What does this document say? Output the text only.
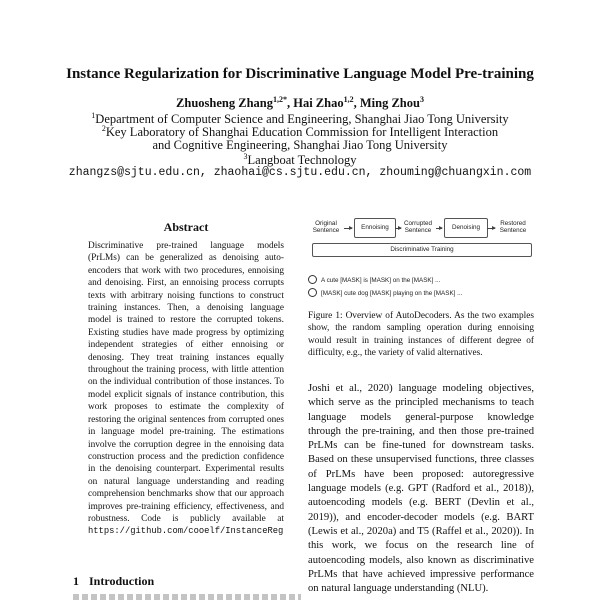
Instance Regularization for Discriminative Language Model Pre-training
Zhuosheng Zhang$^{1,2*}$, Hai Zhao$^{1,2}$, Ming Zhou$^3$
$^1$Department of Computer Science and Engineering, Shanghai Jiao Tong University
$^2$Key Laboratory of Shanghai Education Commission for Intelligent Interaction
and Cognitive Engineering, Shanghai Jiao Tong University
$^3$Langboat Technology
zhangzs@sjtu.edu.cn, zhaohai@cs.sjtu.edu.cn, zhouming@chuangxin.com
Abstract
Discriminative pre-trained language models (PrLMs) can be generalized as denoising auto-encoders that work with two procedures, ennoising and denoising. First, an ennoising process corrupts texts with arbitrary noising functions to construct training instances. Then, a denoising language model is trained to restore the corrupted tokens. Existing studies have made progress by optimizing independent strategies of either ennoising or denosing. They treat training instances equally throughout the training process, with little attention on the individual contribution of those instances. To model explicit signals of instance contribution, this work proposes to estimate the complexity of restoring the original sentences from corrupted ones in language model pre-training. The estimations involve the corruption degree in the ennoising data construction process and the prediction confidence in the denoising counterpart. Experimental results on natural language understanding and reading comprehension benchmarks show that our approach improves pre-training efficiency, effectiveness, and robustness. Code is publicly available at https://github.com/cooelf/InstanceReg
1 Introduction
Original Sentence	Ennoising
Corrupted Sentence	Denoising
Restored Sentence
Discriminative Training
A cute [MASK] is [MASK] on the [MASK] ...
[MASK] cute dog [MASK] playing on the [MASK] ...
Figure 1: Overview of AutoDecoders. As the two examples show, the random sampling operation during ennoising would result in training instances of different degree of difficulty, e.g., the variety of valid alternatives.
Joshi et al., 2020) language modeling objectives, which serve as the principled mechanisms to teach language models general-purpose knowledge through the pre-training, and then those pre-trained PrLMs can be fine-tuned for downstream tasks. Based on these unsupervised functions, three classes of PrLMs have been proposed: autoregressive language models (e.g. GPT (Radford et al., 2018)), autoencoding models (e.g. BERT (Devlin et al., 2019)), and encoder-decoder models (e.g. BART (Lewis et al., 2020a) and T5 (Raffel et al., 2020)). In this work, we focus on the research line of autoencoding models, also known as discriminative PrLMs that have achieved impressive performance on natural language understanding (NLU).
